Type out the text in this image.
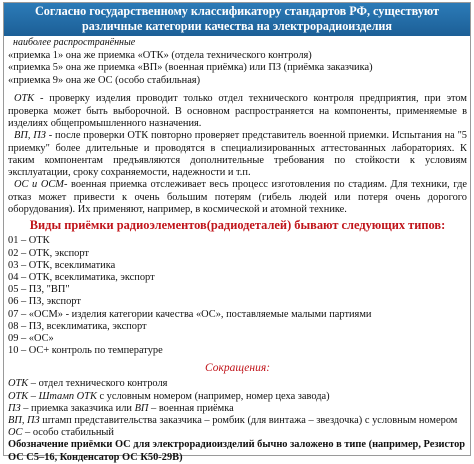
Согласно государственному классификатору стандартов РФ, существуют различные категории качества на электрорадиоизделия
наиболее распространённые
«приемка 1» она же приемка «ОТК» (отдела технического контроля)
«приемка 5» она же приемка «ВП» (военная приёмка) или ПЗ (приёмка заказчика)
«приемка 9» она же ОС (особо стабильная)
ОТК - проверку изделия проводит только отдел технического контроля предприятия, при этом проверка может быть выборочной. В основном распространяется на компоненты, применяемые в изделиях общепромышленного назначения.
ВП, ПЗ - после проверки ОТК повторно проверяет представитель военной приемки. Испытания на "5 приемку" более длительные и проводятся в специализированных аттестованных лабораториях. К таким компонентам предъявляются дополнительные требования по стойкости к условиям эксплуатации, сроку сохраняемости, надежности и т.п.
ОС и ОСМ- военная приемка отслеживает весь процесс изготовления по стадиям. Для техники, где отказ может привести к очень большим потерям (гибель людей или потеря очень дорогого оборудования). Их применяют, например, в космической и атомной технике.
Виды приёмки радиоэлементов(радиодеталей) бывают следующих типов:
01 – ОТК
02 – ОТК, экспорт
03 – ОТК, всеклиматика
04 – ОТК, всеклиматика, экспорт
05 – ПЗ, "ВП"
06 – ПЗ, экспорт
07 – «ОСМ» - изделия категории качества «ОС», поставляемые малыми партиями
08 – ПЗ, всеклиматика, экспорт
09 – «ОС»
10 – ОС+ контроль по температуре
Сокращения:
ОТК – отдел технического контроля
ОТК – Штамп ОТК с условным номером (например, номер цеха завода)
ПЗ – приемка заказчика или ВП – военная приёмка
ВП, ПЗ штамп представительства заказчика – ромбик (для винтажа – звездочка) с условным номером
ОС – особо стабильный
Обозначение приёмки ОС для электрорадиоизделий бычно заложено в типе (например, Резистор ОС С5–16, Конденсатор ОС К50-29В)
